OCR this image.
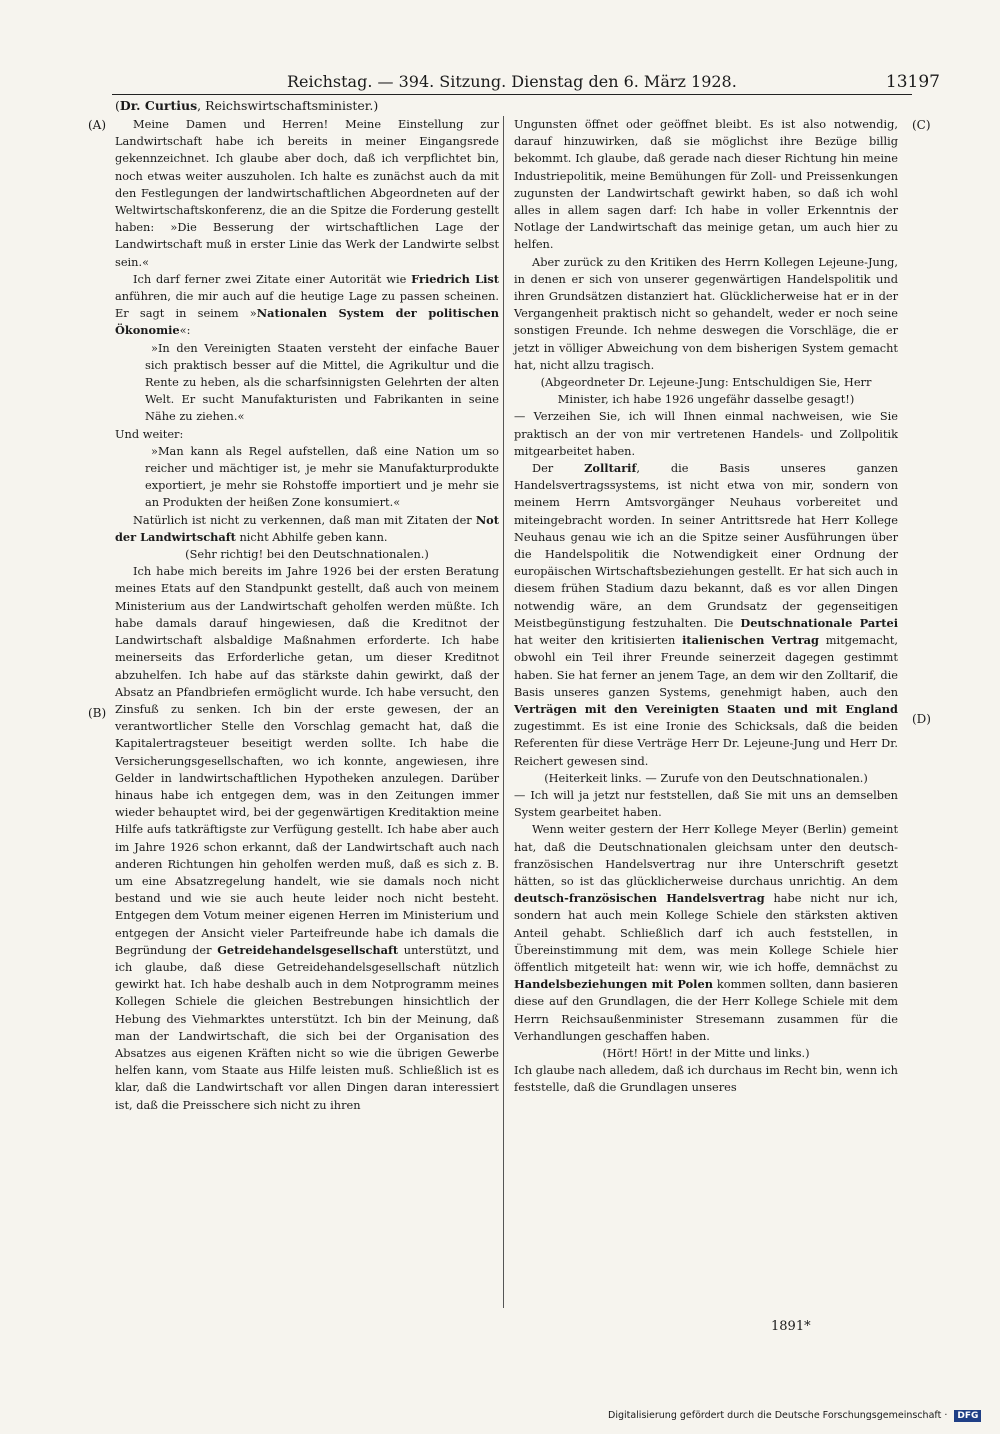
Reichstag. — 394. Sitzung. Dienstag den 6. März 1928.	13197
(Dr. Curtius, Reichswirtschaftsminister.)
(A)
(B)
(C)
(D)

Meine Damen und Herren! Meine Einstellung zur Landwirtschaft habe ich bereits in meiner Eingangsrede gekennzeichnet. Ich glaube aber doch, daß ich verpflichtet bin, noch etwas weiter auszuholen. Ich halte es zunächst auch da mit den Festlegungen der landwirtschaftlichen Abgeordneten auf der Weltwirtschaftskonferenz, die an die Spitze die Forderung gestellt haben: »Die Besserung der wirtschaftlichen Lage der Landwirtschaft muß in erster Linie das Werk der Landwirte selbst sein.«

Ich darf ferner zwei Zitate einer Autorität wie Friedrich List anführen, die mir auch auf die heutige Lage zu passen scheinen. Er sagt in seinem »Nationalen System der politischen Ökonomie«:

»In den Vereinigten Staaten versteht der einfache Bauer sich praktisch besser auf die Mittel, die Agrikultur und die Rente zu heben, als die scharfsinnigsten Gelehrten der alten Welt. Er sucht Manufakturisten und Fabrikanten in seine Nähe zu ziehen.«

Und weiter:

»Man kann als Regel aufstellen, daß eine Nation um so reicher und mächtiger ist, je mehr sie Manufakturprodukte exportiert, je mehr sie Rohstoffe importiert und je mehr sie an Produkten der heißen Zone konsumiert.«

Natürlich ist nicht zu verkennen, daß man mit Zitaten der Not der Landwirtschaft nicht Abhilfe geben kann.

(Sehr richtig! bei den Deutschnationalen.)

Ich habe mich bereits im Jahre 1926 bei der ersten Beratung meines Etats auf den Standpunkt gestellt, daß auch von meinem Ministerium aus der Landwirtschaft geholfen werden müßte. Ich habe damals darauf hingewiesen, daß die Kreditnot der Landwirtschaft alsbaldige Maßnahmen erforderte. Ich habe meinerseits das Erforderliche getan, um dieser Kreditnot abzuhelfen. Ich habe auf das stärkste dahin gewirkt, daß der Absatz an Pfandbriefen ermöglicht wurde. Ich habe versucht, den Zinsfuß zu senken. Ich bin der erste gewesen, der an verantwortlicher Stelle den Vorschlag gemacht hat, daß die Kapitalertragsteuer beseitigt werden sollte. Ich habe die Versicherungsgesellschaften, wo ich konnte, angewiesen, ihre Gelder in landwirtschaftlichen Hypotheken anzulegen. Darüber hinaus habe ich entgegen dem, was in den Zeitungen immer wieder behauptet wird, bei der gegenwärtigen Kreditaktion meine Hilfe aufs tatkräftigste zur Verfügung gestellt. Ich habe aber auch im Jahre 1926 schon erkannt, daß der Landwirtschaft auch nach anderen Richtungen hin geholfen werden muß, daß es sich z. B. um eine Absatzregelung handelt, wie sie damals noch nicht bestand und wie sie auch heute leider noch nicht besteht. Entgegen dem Votum meiner eigenen Herren im Ministerium und entgegen der Ansicht vieler Parteifreunde habe ich damals die Begründung der Getreidehandelsgesellschaft unterstützt, und ich glaube, daß diese Getreidehandelsgesellschaft nützlich gewirkt hat. Ich habe deshalb auch in dem Notprogramm meines Kollegen Schiele die gleichen Bestrebungen hinsichtlich der Hebung des Viehmarktes unterstützt. Ich bin der Meinung, daß man der Landwirtschaft, die sich bei der Organisation des Absatzes aus eigenen Kräften nicht so wie die übrigen Gewerbe helfen kann, vom Staate aus Hilfe leisten muß. Schließlich ist es klar, daß die Landwirtschaft vor allen Dingen daran interessiert ist, daß die Preisschere sich nicht zu ihren

Ungunsten öffnet oder geöffnet bleibt. Es ist also notwendig, darauf hinzuwirken, daß sie möglichst ihre Bezüge billig bekommt. Ich glaube, daß gerade nach dieser Richtung hin meine Industriepolitik, meine Bemühungen für Zoll- und Preissenkungen zugunsten der Landwirtschaft gewirkt haben, so daß ich wohl alles in allem sagen darf: Ich habe in voller Erkenntnis der Notlage der Landwirtschaft das meinige getan, um auch hier zu helfen.

Aber zurück zu den Kritiken des Herrn Kollegen Lejeune-Jung, in denen er sich von unserer gegenwärtigen Handelspolitik und ihren Grundsätzen distanziert hat. Glücklicherweise hat er in der Vergangenheit praktisch nicht so gehandelt, weder er noch seine sonstigen Freunde. Ich nehme deswegen die Vorschläge, die er jetzt in völliger Abweichung von dem bisherigen System gemacht hat, nicht allzu tragisch.

(Abgeordneter Dr. Lejeune-Jung: Entschuldigen Sie, Herr Minister, ich habe 1926 ungefähr dasselbe gesagt!)

— Verzeihen Sie, ich will Ihnen einmal nachweisen, wie Sie praktisch an der von mir vertretenen Handels- und Zollpolitik mitgearbeitet haben.

Der	Zolltarif, die Basis unseres ganzen Handelsvertragssystems, ist nicht etwa von mir, sondern von meinem Herrn Amtsvorgänger Neuhaus vorbereitet und miteingebracht worden. In seiner Antrittsrede hat Herr Kollege Neuhaus genau wie ich an die Spitze seiner Ausführungen über die Handelspolitik die Notwendigkeit einer Ordnung der europäischen Wirtschaftsbeziehungen gestellt. Er hat sich auch in diesem frühen Stadium dazu bekannt, daß es vor allen Dingen notwendig wäre, an dem Grundsatz der gegenseitigen Meistbegünstigung festzuhalten. Die Deutschnationale Partei hat weiter den kritisierten italienischen Vertrag mitgemacht, obwohl ein Teil ihrer Freunde seinerzeit dagegen gestimmt haben. Sie hat ferner an jenem Tage, an dem wir den Zolltarif, die Basis unseres ganzen Systems, genehmigt haben, auch den Verträgen mit den Vereinigten Staaten und mit England zugestimmt. Es ist eine Ironie des Schicksals, daß die beiden Referenten für diese Verträge Herr Dr. Lejeune-Jung und Herr Dr. Reichert gewesen sind.

(Heiterkeit links. — Zurufe von den Deutschnationalen.)

— Ich will ja jetzt nur feststellen, daß Sie mit uns an demselben System gearbeitet haben.

Wenn weiter gestern der Herr Kollege Meyer (Berlin) gemeint hat, daß die Deutschnationalen gleichsam unter den deutsch-französischen Handelsvertrag nur ihre Unterschrift gesetzt hätten, so ist das glücklicherweise durchaus unrichtig. An dem deutsch-französischen Handelsvertrag habe nicht nur ich, sondern hat auch mein Kollege Schiele den stärksten aktiven Anteil gehabt. Schließlich darf ich auch feststellen, in Übereinstimmung mit dem, was mein Kollege Schiele hier öffentlich mitgeteilt hat: wenn wir, wie ich hoffe, demnächst zu Handelsbeziehungen mit Polen kommen sollten, dann basieren diese auf den Grundlagen, die der Herr Kollege Schiele mit dem Herrn Reichsaußenminister Stresemann zusammen für die Verhandlungen geschaffen haben.

(Hört! Hört! in der Mitte und links.)

Ich glaube nach alledem, daß ich durchaus im Recht bin, wenn ich feststelle, daß die Grundlagen unseres

1891*
Digitalisierung gefördert durch die Deutsche Forschungsgemeinschaft · DFG
